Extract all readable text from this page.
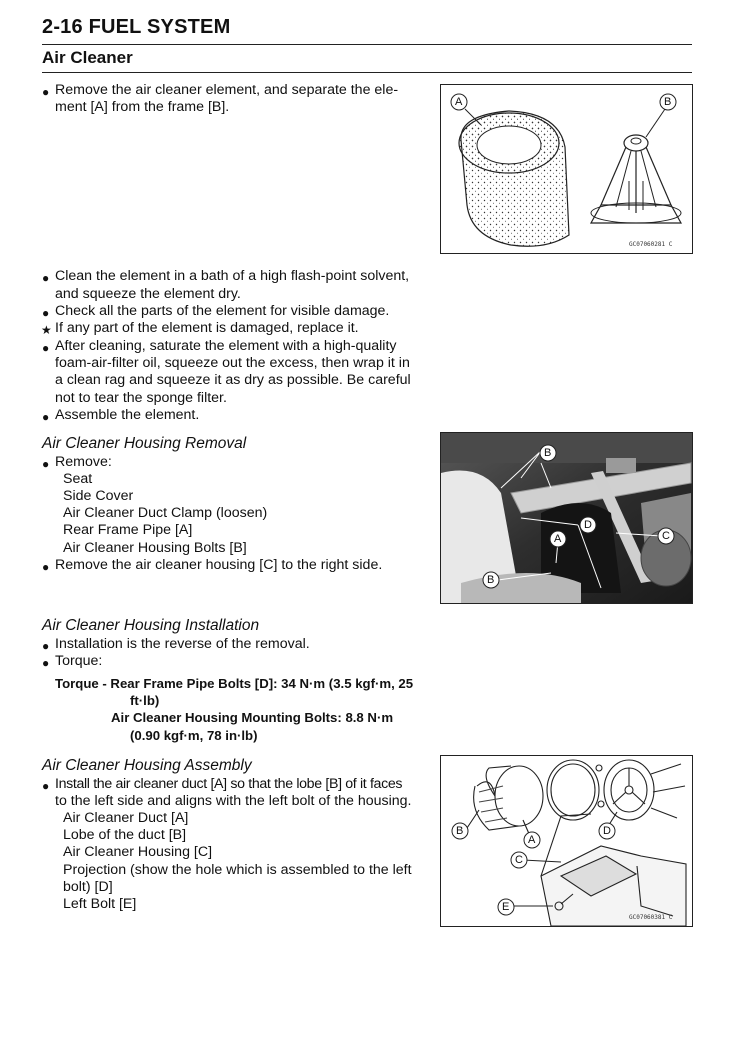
2-16 FUEL SYSTEM
Air Cleaner
● Remove the air cleaner element, and separate the ele-
ment [A] from the frame [B].	A	B
GC07060281 C
● Clean the element in a bath of a high flash-point solvent,
and squeeze the element dry.
● Check all the parts of the element for visible damage.
★ If any part of the element is damaged, replace it.
● After cleaning, saturate the element with a high-quality
foam-air-filter oil, squeeze out the excess, then wrap it in
a clean rag and squeeze it as dry as possible. Be careful
not to tear the sponge filter.
● Assemble the element.
Air Cleaner Housing Removal
● Remove:
Seat
Side Cover
Air Cleaner Duct Clamp (loosen)
Rear Frame Pipe [A]
Air Cleaner Housing Bolts [B]
● Remove the air cleaner housing [C] to the right side.
B
D
A	C
B
Air Cleaner Housing Installation
● Installation is the reverse of the removal.
● Torque:
Torque - Rear Frame Pipe Bolts [D]: 34 N·m (3.5 kgf·m, 25
ft·lb)
Air Cleaner Housing Mounting Bolts: 8.8 N·m
(0.90 kgf·m, 78 in·lb)
Air Cleaner Housing Assembly
● Install the air cleaner duct [A] so that the lobe [B] of it faces
to the left side and aligns with the left bolt of the housing.
Air Cleaner Duct [A]
Lobe of the duct [B]
Air Cleaner Housing [C]
Projection (show the hole which is assembled to the left
bolt) [D]
Left Bolt [E]
B
A
D
C
E
GC07060381 C
